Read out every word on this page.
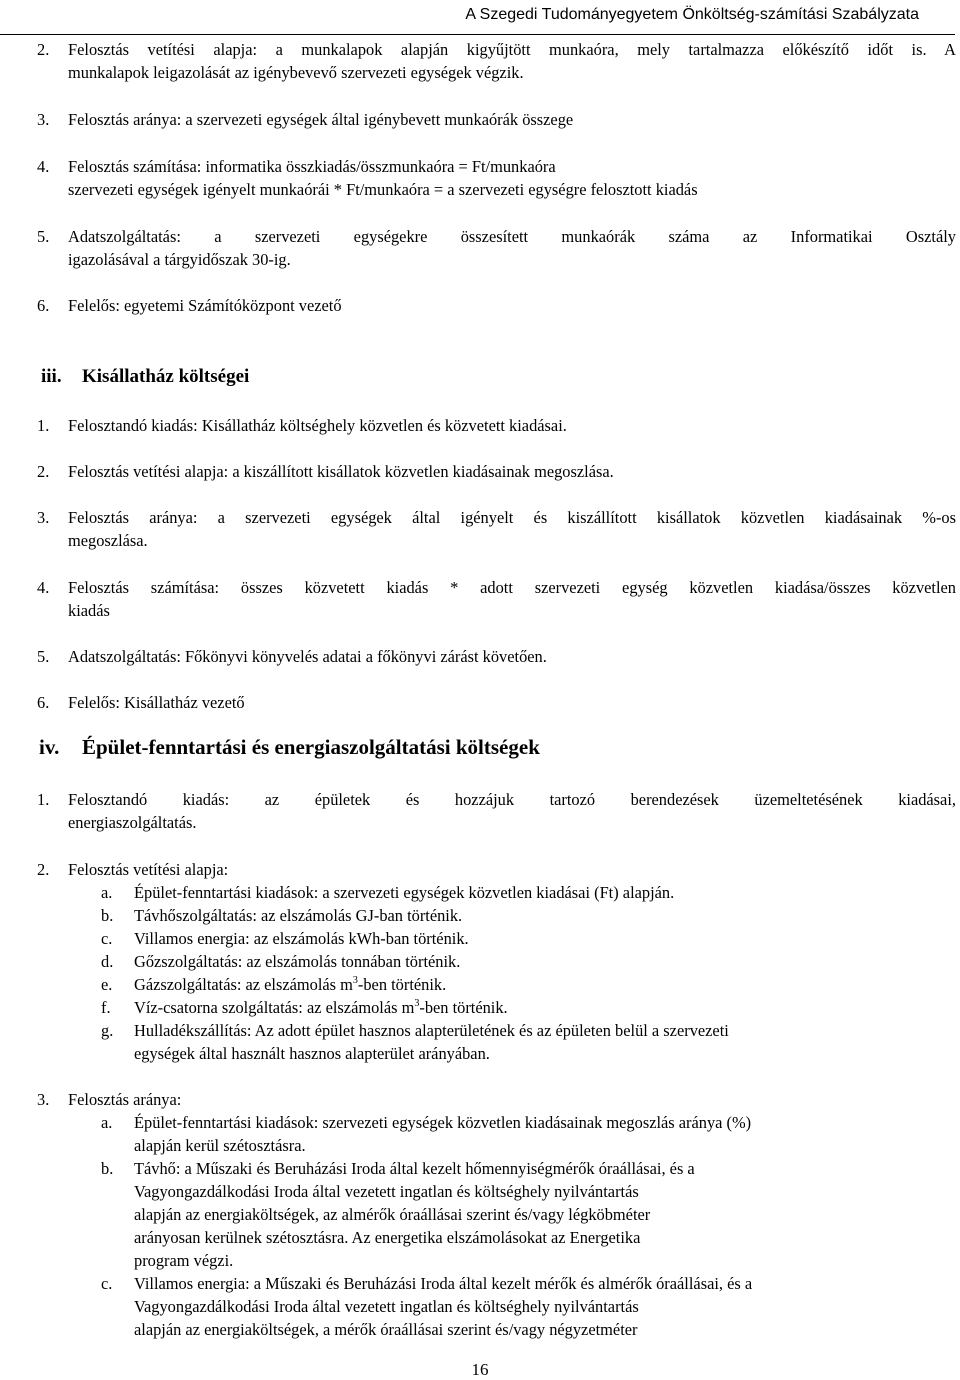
A Szegedi Tudományegyetem Önköltség-számítási Szabályzata
2. Felosztás vetítési alapja: a munkalapok alapján kigyűjtött munkaóra, mely tartalmazza előkészítő időt is. A
munkalapok leigazolását az igénybevevő szervezeti egységek végzik.
3. Felosztás aránya: a szervezeti egységek által igénybevett munkaórák összege
4. Felosztás számítása: informatika összkiadás/összmunkaóra = Ft/munkaóra
szervezeti egységek igényelt munkaórái * Ft/munkaóra = a szervezeti egységre felosztott kiadás
5. Adatszolgáltatás: a szervezeti egységekre összesített munkaórák száma az Informatikai Osztály
igazolásával a tárgyidőszak 30-ig.
6. Felelős: egyetemi Számítóközpont vezető
iii. Kisállatház költségei
1. Felosztandó kiadás: Kisállatház költséghely közvetlen és közvetett kiadásai.
2. Felosztás vetítési alapja: a kiszállított kisállatok közvetlen kiadásainak megoszlása.
3. Felosztás aránya: a szervezeti egységek által igényelt és kiszállított kisállatok közvetlen kiadásainak %-os
megoszlása.
4. Felosztás számítása: összes közvetett kiadás * adott szervezeti egység közvetlen kiadása/összes közvetlen
kiadás
5. Adatszolgáltatás: Főkönyvi könyvelés adatai a főkönyvi zárást követően.
6. Felelős: Kisállatház vezető
iv. Épület-fenntartási és energiaszolgáltatási költségek
1. Felosztandó kiadás: az épületek és hozzájuk tartozó berendezések üzemeltetésének kiadásai,
energiaszolgáltatás.
2. Felosztás vetítési alapja:
a. Épület-fenntartási kiadások: a szervezeti egységek közvetlen kiadásai (Ft) alapján.
b. Távhőszolgáltatás: az elszámolás GJ-ban történik.
c. Villamos energia: az elszámolás kWh-ban történik.
d. Gőzszolgáltatás: az elszámolás tonnában történik.
e. Gázszolgáltatás: az elszámolás $m^3$-ben történik.
f. Víz-csatorna szolgáltatás: az elszámolás $m^3$-ben történik.
g. Hulladékszállítás: Az adott épület hasznos alapterületének és az épületen belül a szervezeti
egységek által használt hasznos alapterület arányában.
3. Felosztás aránya:
a. Épület-fenntartási kiadások: szervezeti egységek közvetlen kiadásainak megoszlás aránya (%)
alapján kerül szétosztásra.
b. Távhő: a Műszaki és Beruházási Iroda által kezelt hőmennyiségmérők óraállásai, és a
Vagyongazdálkodási Iroda által vezetett ingatlan és költséghely nyilvántartás
alapján az energiaköltségek, az almérők óraállásai szerint és/vagy légköbméter
arányosan kerülnek szétosztásra. Az energetika elszámolásokat az Energetika
program végzi.
c. Villamos energia: a Műszaki és Beruházási Iroda által kezelt mérők és almérők óraállásai, és a
Vagyongazdálkodási Iroda által vezetett ingatlan és költséghely nyilvántartás
alapján az energiaköltségek, a mérők óraállásai szerint és/vagy négyzetméter
16
